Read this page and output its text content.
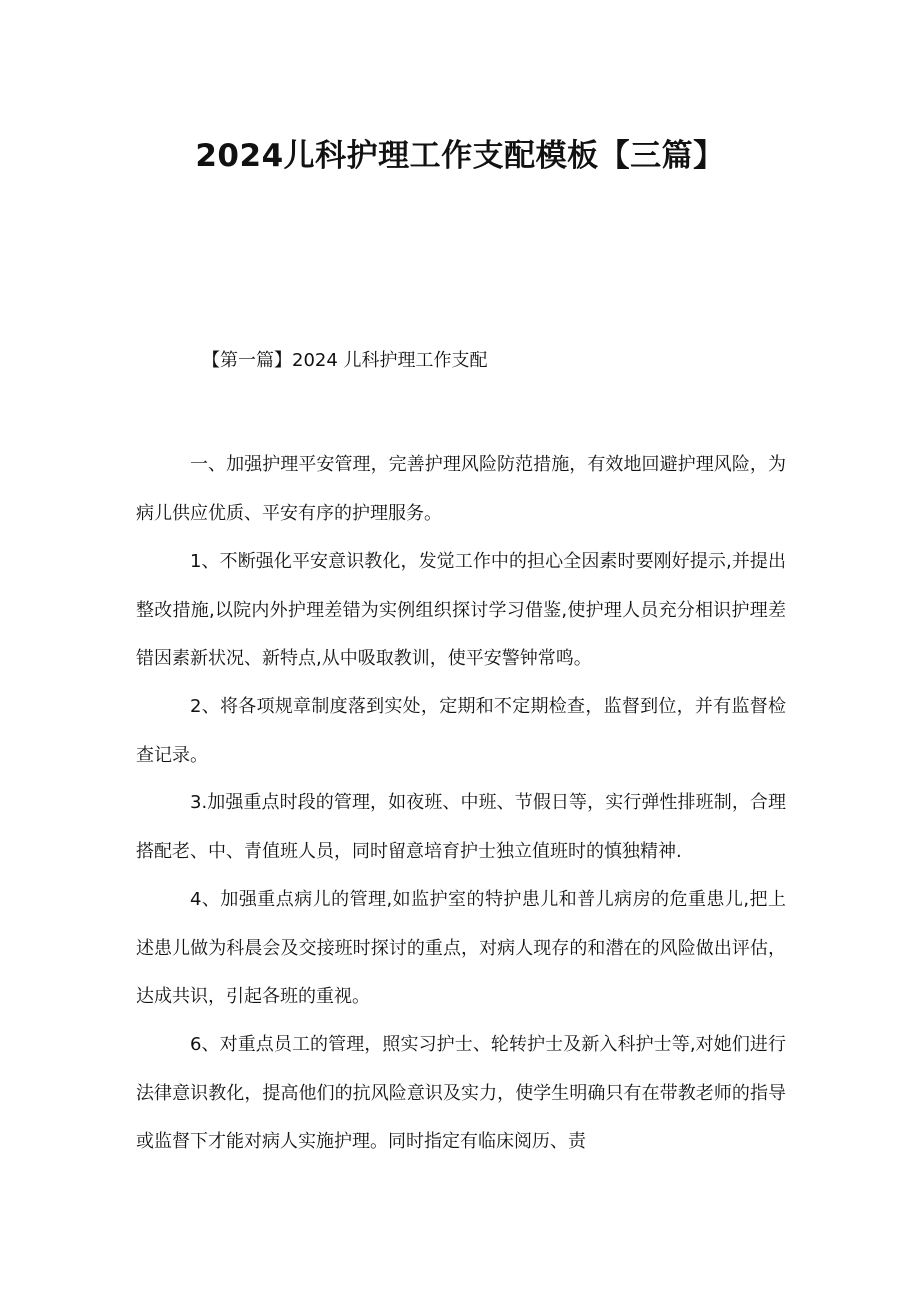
2024儿科护理工作支配模板【三篇】
【第一篇】2024 儿科护理工作支配

一、加强护理平安管理，完善护理风险防范措施，有效地回避护理风险，为病儿供应优质、平安有序的护理服务。

1、不断强化平安意识教化，发觉工作中的担心全因素时要刚好提示,并提出整改措施,以院内外护理差错为实例组织探讨学习借鉴,使护理人员充分相识护理差错因素新状况、新特点,从中吸取教训，使平安警钟常鸣。

2、将各项规章制度落到实处，定期和不定期检查，监督到位，并有监督检查记录。

3.加强重点时段的管理，如夜班、中班、节假日等，实行弹性排班制，合理搭配老、中、青值班人员，同时留意培育护士独立值班时的慎独精神.

4、加强重点病儿的管理,如监护室的特护患儿和普儿病房的危重患儿,把上述患儿做为科晨会及交接班时探讨的重点，对病人现存的和潜在的风险做出评估，达成共识，引起各班的重视。

6、对重点员工的管理，照实习护士、轮转护士及新入科护士等,对她们进行法律意识教化，提高他们的抗风险意识及实力，使学生明确只有在带教老师的指导或监督下才能对病人实施护理。同时指定有临床阅历、责
